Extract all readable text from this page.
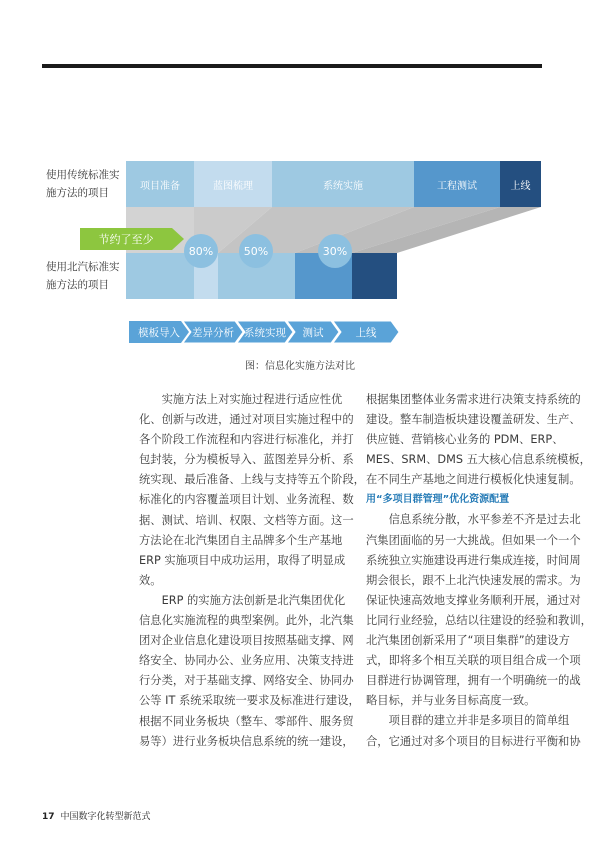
使用传统标准实
施方法的项目
使用北汽标准实
施方法的项目
项目准备	蓝图梳理	系统实施	工程测试	上线
节约了至少
80%	50%	30%
模板导入 差异分析 系统实现 测试	上线
图：信息化实施方法对比

实施方法上对实施过程进行适应性优
化、创新与改进，通过对项目实施过程中的
各个阶段工作流程和内容进行标准化，并打
包封装，分为模板导入、蓝图差异分析、系
统实现、最后准备、上线与支持等五个阶段，
标准化的内容覆盖项目计划、业务流程、数
据、测试、培训、权限、文档等方面。这一
方法论在北汽集团自主品牌多个生产基地
ERP 实施项目中成功运用，取得了明显成
效。

ERP 的实施方法创新是北汽集团优化
信息化实施流程的典型案例。此外，北汽集
团对企业信息化建设项目按照基础支撑、网
络安全、协同办公、业务应用、决策支持进
行分类，对于基础支撑、网络安全、协同办
公等 IT 系统采取统一要求及标准进行建设，
根据不同业务板块（整车、零部件、服务贸
易等）进行业务板块信息系统的统一建设，

根据集团整体业务需求进行决策支持系统的
建设。整车制造板块建设覆盖研发、生产、
供应链、营销核心业务的 PDM、ERP、
MES、SRM、DMS 五大核心信息系统模板，
在不同生产基地之间进行模板化快速复制。

用“多项目群管理”优化资源配置

信息系统分散，水平参差不齐是过去北
汽集团面临的另一大挑战。但如果一个一个
系统独立实施建设再进行集成连接，时间周
期会很长，跟不上北汽快速发展的需求。为
保证快速高效地支撑业务顺利开展，通过对
比同行业经验，总结以往建设的经验和教训，
北汽集团创新采用了“项目集群”的建设方
式，即将多个相互关联的项目组合成一个项
目群进行协调管理，拥有一个明确统一的战
略目标，并与业务目标高度一致。

项目群的建立并非是多项目的简单组
合，它通过对多个项目的目标进行平衡和协

17 中国数字化转型新范式
